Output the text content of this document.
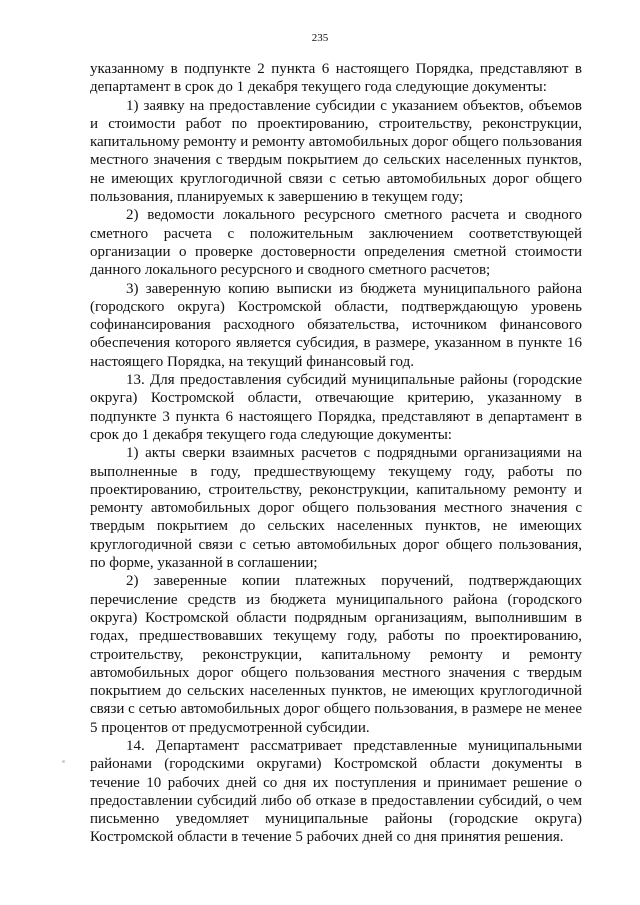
235

указанному в подпункте 2 пункта 6 настоящего Порядка, представляют в департамент в срок до 1 декабря текущего года следующие документы:

1) заявку на предоставление субсидии с указанием объектов, объемов и стоимости работ по проектированию, строительству, реконструкции, капитальному ремонту и ремонту автомобильных дорог общего пользования местного значения с твердым покрытием до сельских населенных пунктов, не имеющих круглогодичной связи с сетью автомобильных дорог общего пользования, планируемых к завершению в текущем году;

2) ведомости локального ресурсного сметного расчета и сводного сметного расчета с положительным заключением соответствующей организации о проверке достоверности определения сметной стоимости данного локального ресурсного и сводного сметного расчетов;

3) заверенную копию выписки из бюджета муниципального района (городского округа) Костромской области, подтверждающую уровень софинансирования расходного обязательства, источником финансового обеспечения которого является субсидия, в размере, указанном в пункте 16 настоящего Порядка, на текущий финансовый год.

13. Для предоставления субсидий муниципальные районы (городские округа) Костромской области, отвечающие критерию, указанному в подпункте 3 пункта 6 настоящего Порядка, представляют в департамент в срок до 1 декабря текущего года следующие документы:

1) акты сверки взаимных расчетов с подрядными организациями на выполненные в году, предшествующему текущему году, работы по проектированию, строительству, реконструкции, капитальному ремонту и ремонту автомобильных дорог общего пользования местного значения с твердым покрытием до сельских населенных пунктов, не имеющих круглогодичной связи с сетью автомобильных дорог общего пользования, по форме, указанной в соглашении;

2) заверенные копии платежных поручений, подтверждающих перечисление средств из бюджета муниципального района (городского округа) Костромской области подрядным организациям, выполнившим в годах, предшествовавших текущему году, работы по проектированию, строительству, реконструкции, капитальному ремонту и ремонту автомобильных дорог общего пользования местного значения с твердым покрытием до сельских населенных пунктов, не имеющих круглогодичной связи с сетью автомобильных дорог общего пользования, в размере не менее 5 процентов от предусмотренной субсидии.

14. Департамент рассматривает представленные муниципальными районами (городскими округами) Костромской области документы в течение 10 рабочих дней со дня их поступления и принимает решение о предоставлении субсидий либо об отказе в предоставлении субсидий, о чем письменно уведомляет муниципальные районы (городские округа) Костромской области в течение 5 рабочих дней со дня принятия решения.
